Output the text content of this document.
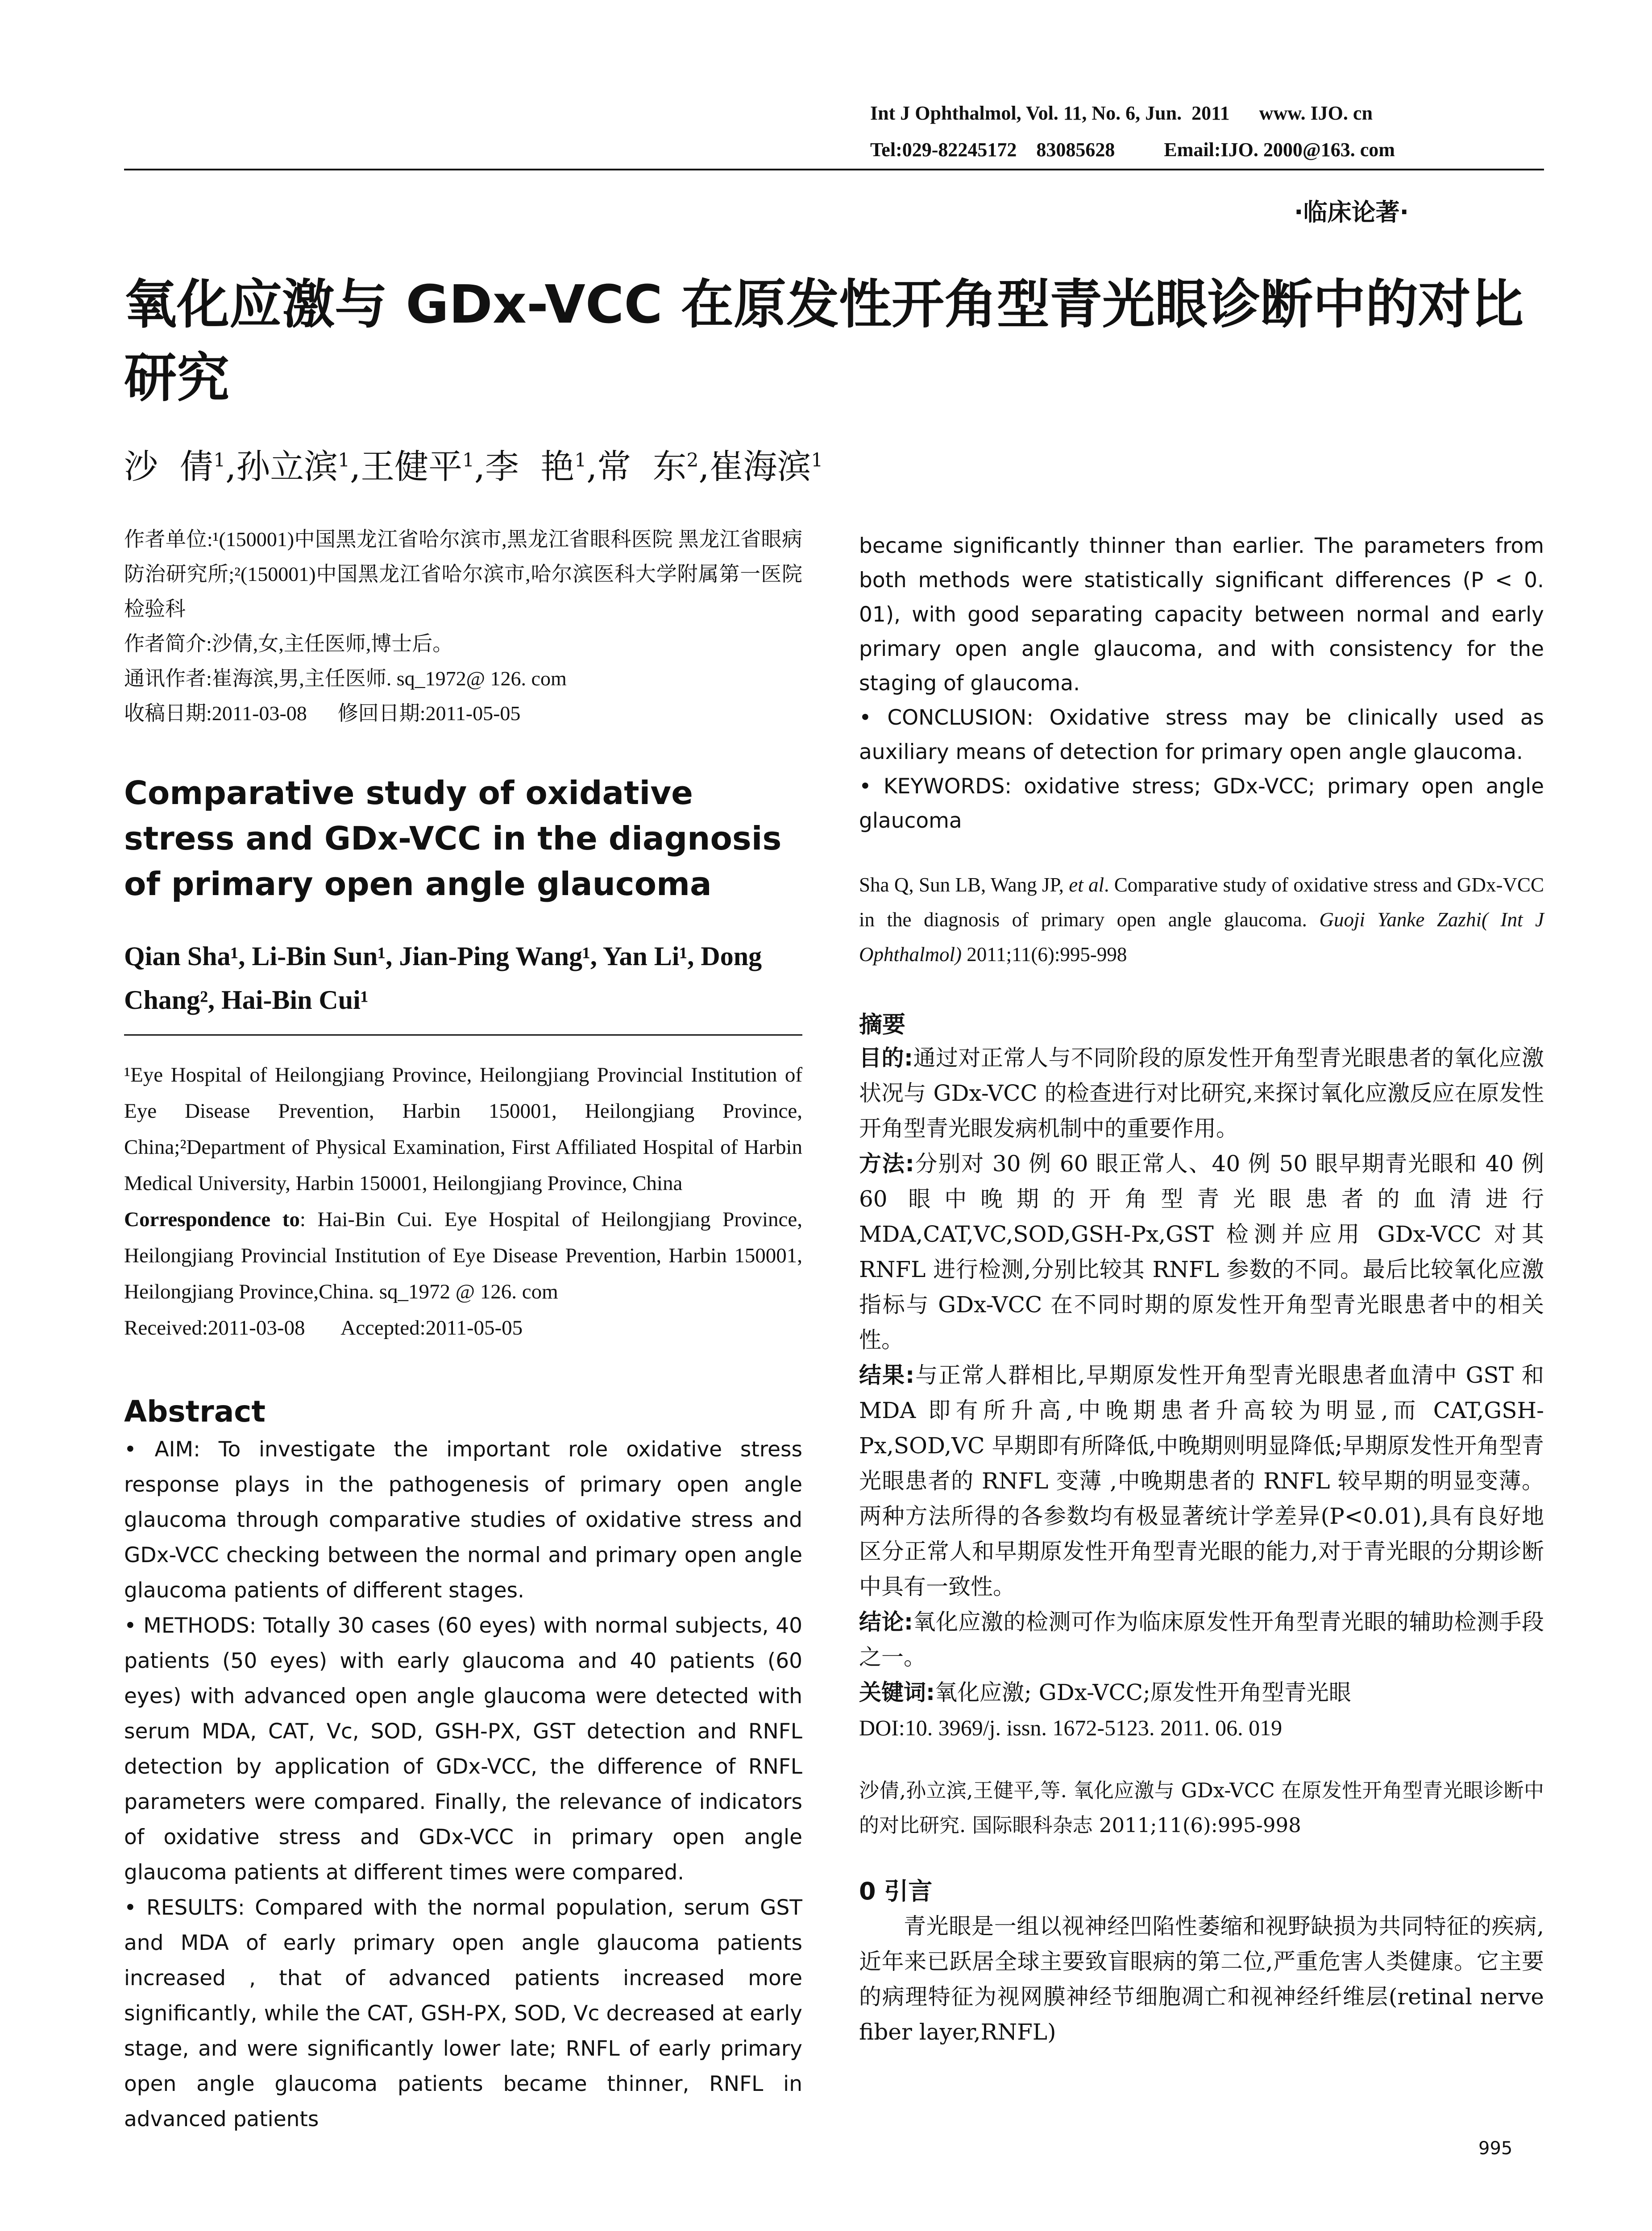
Int J Ophthalmol, Vol. 11, No. 6, Jun.  2011      www. IJO. cn
Tel:029-82245172    83085628          Email:IJO. 2000@163. com
·临床论著·
氧化应激与 GDx-VCC 在原发性开角型青光眼诊断中的对比研究
沙  倩$^1$,孙立滨$^1$,王健平$^1$,李  艳$^1$,常  东$^2$,崔海滨$^1$

作者单位:¹(150001)中国黑龙江省哈尔滨市,黑龙江省眼科医院 黑龙江省眼病防治研究所;²(150001)中国黑龙江省哈尔滨市,哈尔滨医科大学附属第一医院检验科

作者简介:沙倩,女,主任医师,博士后。

通讯作者:崔海滨,男,主任医师. sq_1972@ 126. com

收稿日期:2011-03-08      修回日期:2011-05-05

Comparative study of oxidative stress and GDx-VCC in the diagnosis of primary open angle glaucoma
Qian Sha¹, Li-Bin Sun¹, Jian-Ping Wang¹, Yan Li¹, Dong Chang², Hai-Bin Cui¹

¹Eye Hospital of Heilongjiang Province, Heilongjiang Provincial Institution of Eye Disease Prevention, Harbin 150001, Heilongjiang Province, China;²Department of Physical Examination, First Affiliated Hospital of Harbin Medical University, Harbin 150001, Heilongjiang Province, China

Correspondence to: Hai-Bin Cui. Eye Hospital of Heilongjiang Province, Heilongjiang Provincial Institution of Eye Disease Prevention, Harbin 150001, Heilongjiang Province,China. sq_1972 @ 126. com

Received:2011-03-08       Accepted:2011-05-05
Abstract

• AIM: To investigate the important role oxidative stress response plays in the pathogenesis of primary open angle glaucoma through comparative studies of oxidative stress and GDx-VCC checking between the normal and primary open angle glaucoma patients of different stages.

• METHODS: Totally 30 cases (60 eyes) with normal subjects, 40 patients (50 eyes) with early glaucoma and 40 patients (60 eyes) with advanced open angle glaucoma were detected with serum MDA, CAT, Vc, SOD, GSH-PX, GST detection and RNFL detection by application of GDx-VCC, the difference of RNFL parameters were compared. Finally, the relevance of indicators of oxidative stress and GDx-VCC in primary open angle glaucoma patients at different times were compared.

• RESULTS: Compared with the normal population, serum GST and MDA of early primary open angle glaucoma patients increased , that of advanced patients increased more significantly, while the CAT, GSH-PX, SOD, Vc decreased at early stage, and were significantly lower late; RNFL of early primary open angle glaucoma patients became thinner, RNFL in advanced patients

became significantly thinner than earlier. The parameters from both methods were statistically significant differences (P < 0. 01), with good separating capacity between normal and early primary open angle glaucoma, and with consistency for the staging of glaucoma.

• CONCLUSION: Oxidative stress may be clinically used as auxiliary means of detection for primary open angle glaucoma.

• KEYWORDS: oxidative stress; GDx-VCC; primary open angle glaucoma

Sha Q, Sun LB, Wang JP, et al. Comparative study of oxidative stress and GDx-VCC in the diagnosis of primary open angle glaucoma. Guoji Yanke Zazhi( Int J Ophthalmol) 2011;11(6):995-998

摘要

目的:通过对正常人与不同阶段的原发性开角型青光眼患者的氧化应激状况与 GDx-VCC 的检查进行对比研究,来探讨氧化应激反应在原发性开角型青光眼发病机制中的重要作用。

方法:分别对 30 例 60 眼正常人、40 例 50 眼早期青光眼和 40 例 60 眼中晚期的开角型青光眼患者的血清进行 MDA,CAT,VC,SOD,GSH-Px,GST 检测并应用 GDx-VCC 对其 RNFL 进行检测,分别比较其 RNFL 参数的不同。最后比较氧化应激指标与 GDx-VCC 在不同时期的原发性开角型青光眼患者中的相关性。

结果:与正常人群相比,早期原发性开角型青光眼患者血清中 GST 和 MDA 即有所升高,中晚期患者升高较为明显,而 CAT,GSH-Px,SOD,VC 早期即有所降低,中晚期则明显降低;早期原发性开角型青光眼患者的 RNFL 变薄 ,中晚期患者的 RNFL 较早期的明显变薄。两种方法所得的各参数均有极显著统计学差异(P<0.01),具有良好地区分正常人和早期原发性开角型青光眼的能力,对于青光眼的分期诊断中具有一致性。

结论:氧化应激的检测可作为临床原发性开角型青光眼的辅助检测手段之一。

关键词:氧化应激; GDx-VCC;原发性开角型青光眼

DOI:10. 3969/j. issn. 1672-5123. 2011. 06. 019

沙倩,孙立滨,王健平,等. 氧化应激与 GDx-VCC 在原发性开角型青光眼诊断中的对比研究. 国际眼科杂志 2011;11(6):995-998

0 引言

青光眼是一组以视神经凹陷性萎缩和视野缺损为共同特征的疾病,近年来已跃居全球主要致盲眼病的第二位,严重危害人类健康。它主要的病理特征为视网膜神经节细胞凋亡和视神经纤维层(retinal nerve fiber layer,RNFL)

995
